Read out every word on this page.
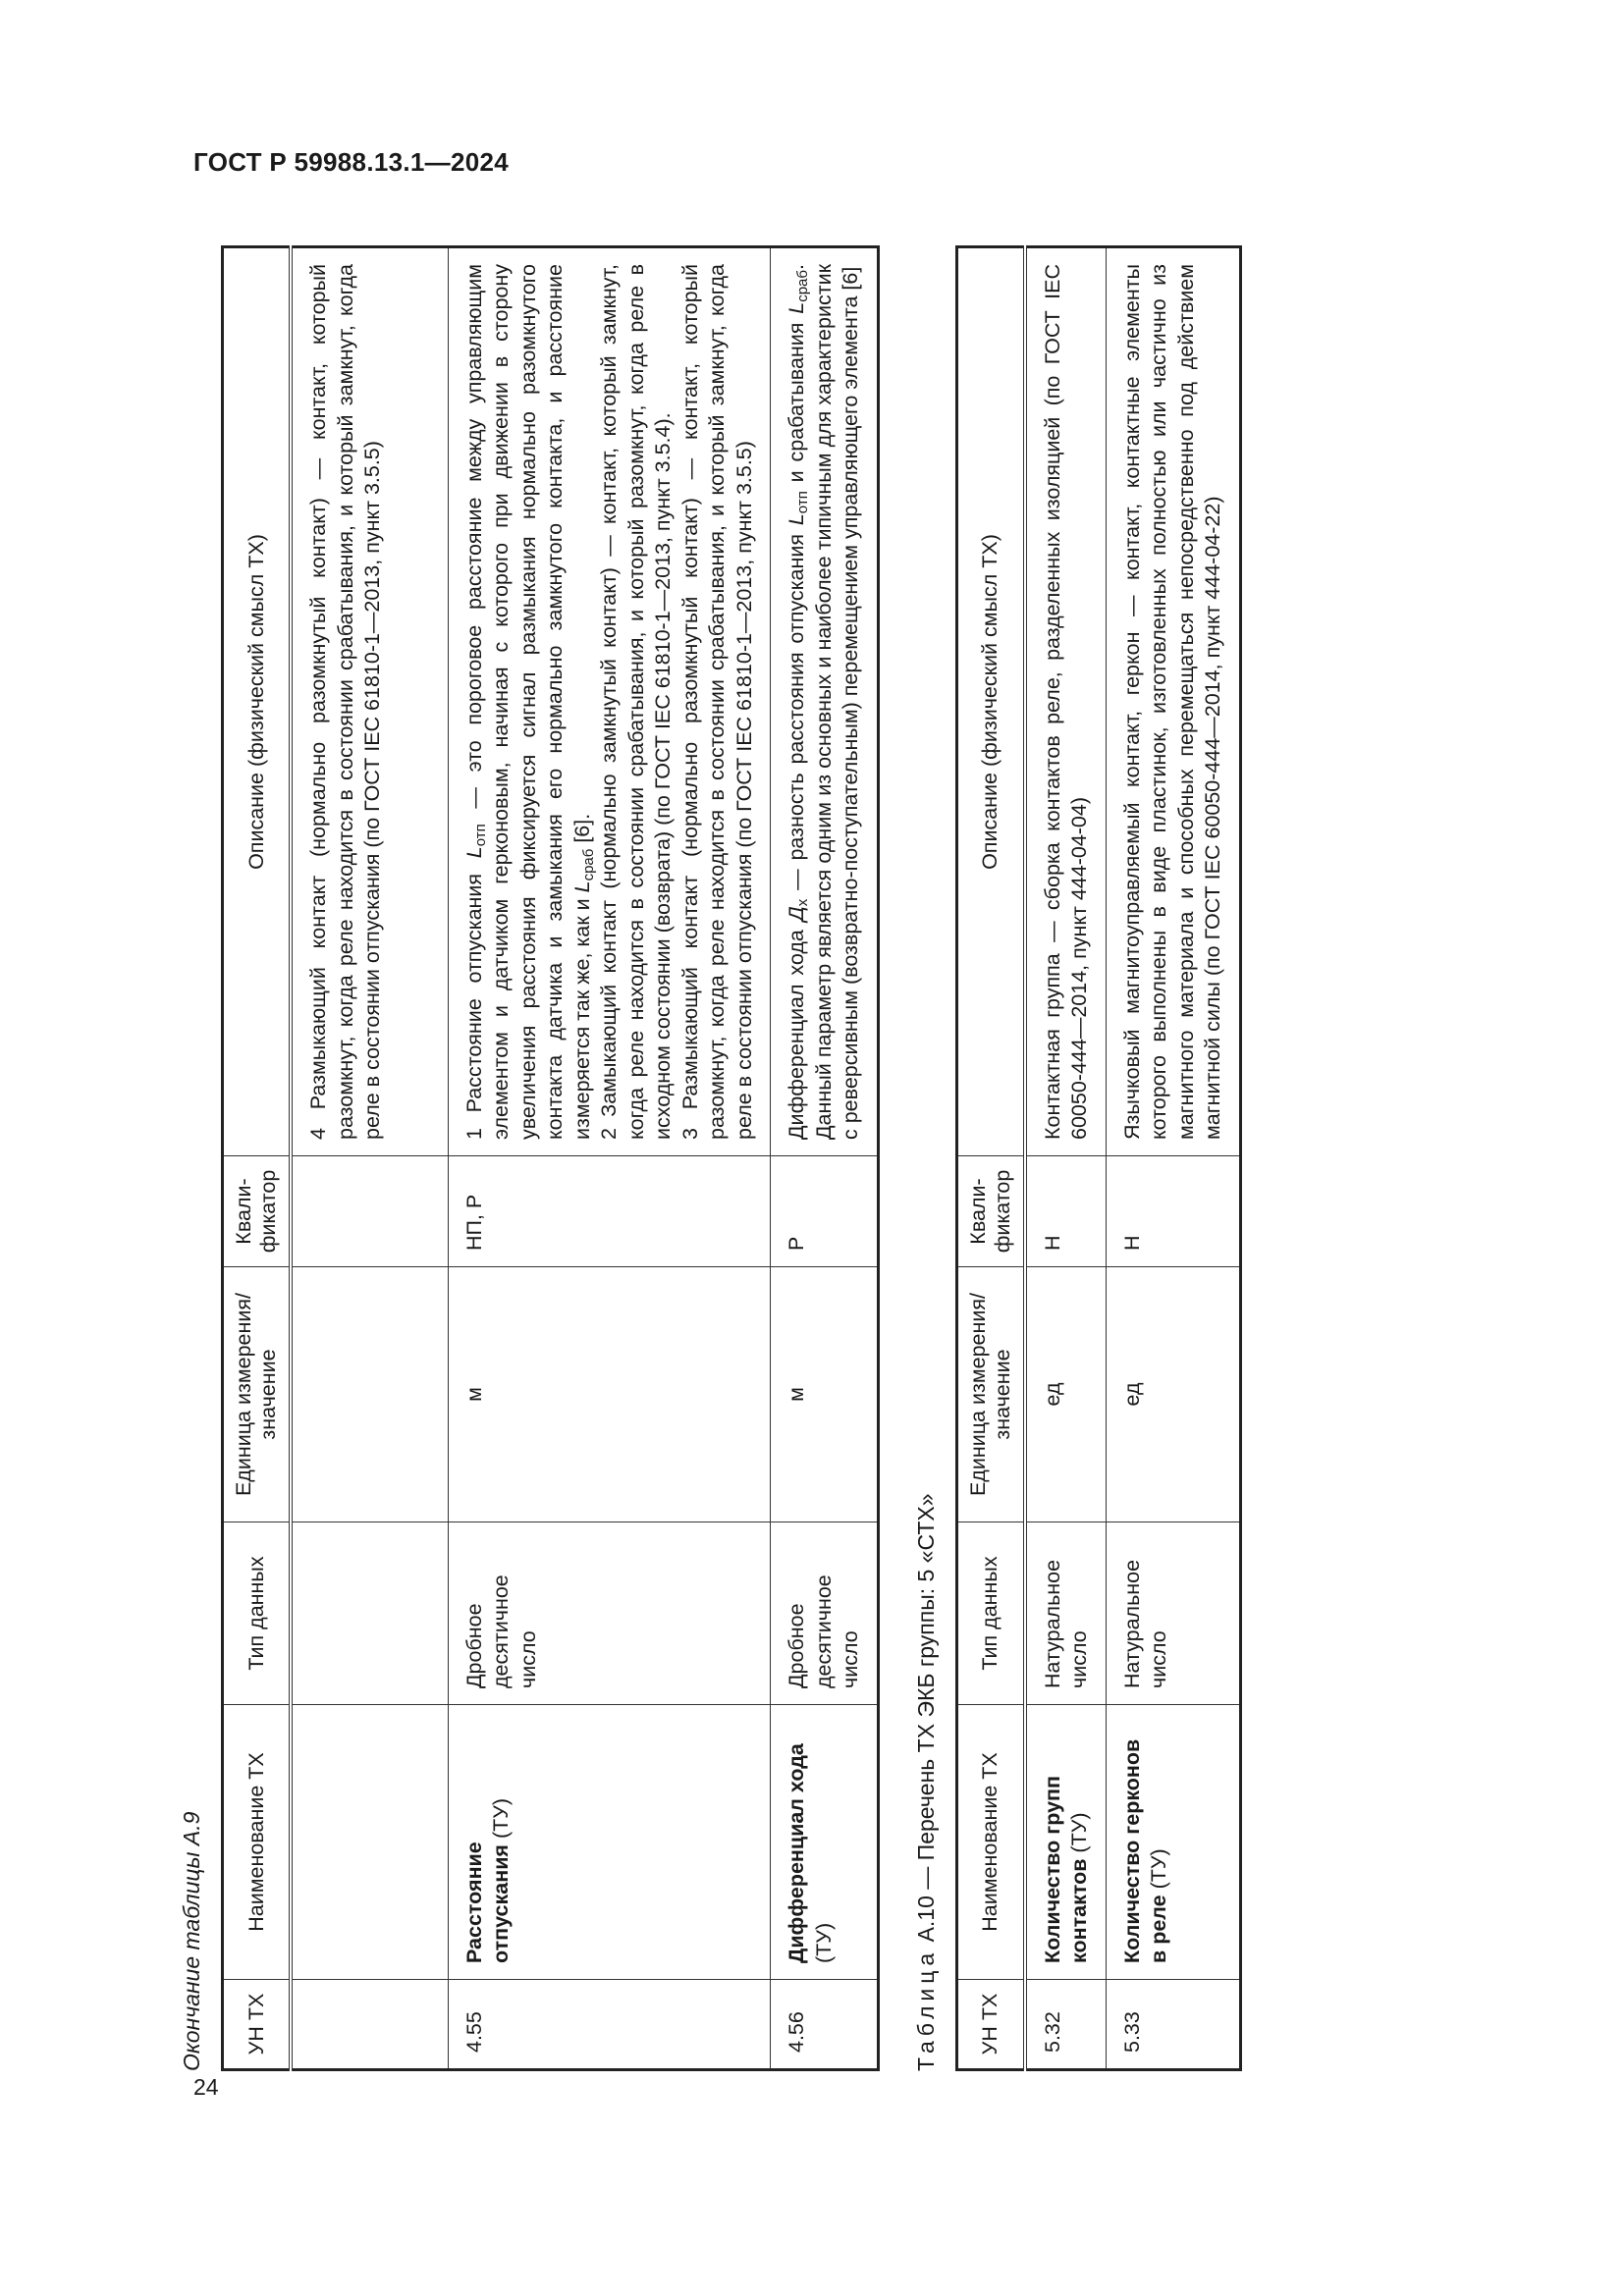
ГОСТ Р 59988.13.1—2024
24
Окончание таблицы А.9	УН ТХ	Наименование ТХ	Тип данных	Единица измерения/ значение	Квали- фикатор	Описание (физический смысл ТХ)
					4 Размыкающий контакт (нормально разомкнутый контакт) — контакт, который разомкнут, когда реле находится в состоянии срабатывания, и который замкнут, когда реле в состоянии отпускания (по ГОСТ IEC 61810-1—2013, пункт 3.5.5)
4.55	Расстояние отпускания (ТУ)	Дробное десятичное число	м	НП, Р	1 Расстояние отпускания $L_{отп}$ — это пороговое расстояние между управляющим элементом и датчиком герконовым, начиная с которого при движении в сторону увеличения расстояния фиксируется сигнал размыкания нормально разомкнутого контакта датчика и замыкания его нормально замкнутого контакта, и расстояние измеряется так же, как и $L_{сраб}$ [6]. 2 Замыкающий контакт (нормально замкнутый контакт) — контакт, который замкнут, когда реле находится в состоянии срабатывания, и который разомкнут, когда реле в исходном состоянии (возврата) (по ГОСТ IEC 61810-1—2013, пункт 3.5.4). 3 Размыкающий контакт (нормально разомкнутый контакт) — контакт, который разомкнут, когда реле находится в состоянии срабатывания, и который замкнут, когда реле в состоянии отпускания (по ГОСТ IEC 61810-1—2013, пункт 3.5.5)

4.56	Дифференциал хода (ТУ)	Дробное десятичное число	м	Р	Дифференциал хода $Д_х$ — разность расстояния отпускания $L_{отп}$ и срабатывания $L_{сраб}$. Данный параметр является одним из основных и наиболее типичным для характеристик с реверсивным (возвратно-поступательным) перемещением управляющего элемента [6]
Таблица А.10 — Перечень ТХ ЭКБ группы: 5 «СТХ»
УН ТХ	Наименование ТХ	Тип данных	Единица измерения/ значение	Квали- фикатор	Описание (физический смысл ТХ)
5.32	Количество групп контактов (ТУ)	Натуральное число	ед	Н	Контактная группа — сборка контактов реле, разделенных изоляцией (по ГОСТ IEC 60050-444—2014, пункт 444-04-04)
5.33	Количество герконов в реле (ТУ)	Натуральное число	ед	Н	Язычковый магнитоуправляемый контакт, геркон — контакт, контактные элементы которого выполнены в виде пластинок, изготовленных полностью или частично из магнитного материала и способных перемещаться непосредственно под действием магнитной силы (по ГОСТ IEC 60050-444—2014, пункт 444-04-22)
